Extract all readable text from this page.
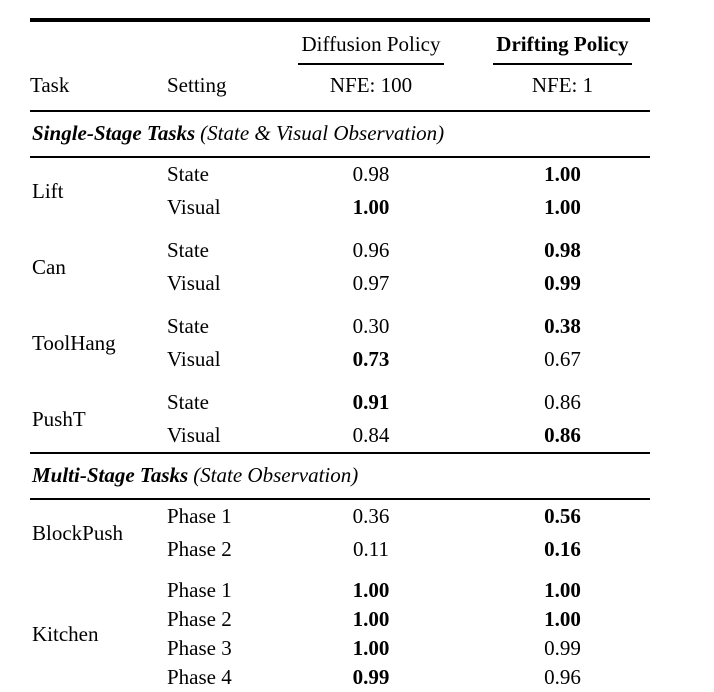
		Diffusion Policy	Drifting Policy
Task	Setting	NFE: 100	NFE: 1
Single-Stage Tasks (State & Visual Observation)			
Lift	State	0.98	1.00
	Visual	1.00	1.00

Can	State	0.96	0.98
	Visual	0.97	0.99

ToolHang	State	0.30	0.38
	Visual	0.73	0.67

PushT	State	0.91	0.86
	Visual	0.84	0.86
Multi-Stage Tasks (State Observation)			
BlockPush	Phase 1	0.36	0.56
	Phase 2	0.11	0.16

Kitchen	Phase 1	1.00	1.00
	Phase 2	1.00	1.00
	Phase 3	1.00	0.99
	Phase 4	0.99	0.96
